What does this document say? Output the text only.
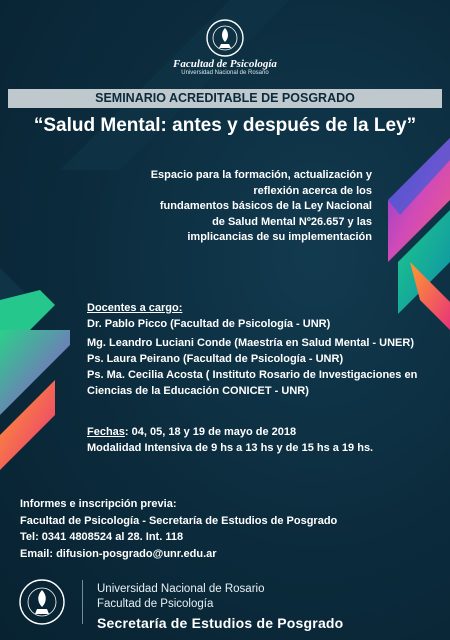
Facultad de Psicología
Universidad Nacional de Rosario
SEMINARIO ACREDITABLE DE POSGRADO
“Salud Mental: antes y después de la Ley”
Espacio para la formación, actualización y
reflexión acerca de los
fundamentos básicos de la Ley Nacional
de Salud Mental Nº26.657 y las
implicancias de su implementación
Docentes a cargo:
Dr. Pablo Picco (Facultad de Psicología - UNR)
Mg. Leandro Luciani Conde (Maestría en Salud Mental - UNER)
Ps. Laura Peirano (Facultad de Psicología - UNR)
Ps. Ma. Cecilia Acosta ( Instituto Rosario de Investigaciones en
Ciencias de la Educación CONICET - UNR)
Fechas: 04, 05, 18 y 19 de mayo de 2018
Modalidad Intensiva de 9 hs a 13 hs y de 15 hs a 19 hs.
Informes e inscripción previa:
Facultad de Psicología - Secretaría de Estudios de Posgrado
Tel: 0341 4808524 al 28. Int. 118
Email: difusion-posgrado@unr.edu.ar
Universidad Nacional de Rosario
Facultad de Psicología
Secretaría de Estudios de Posgrado
